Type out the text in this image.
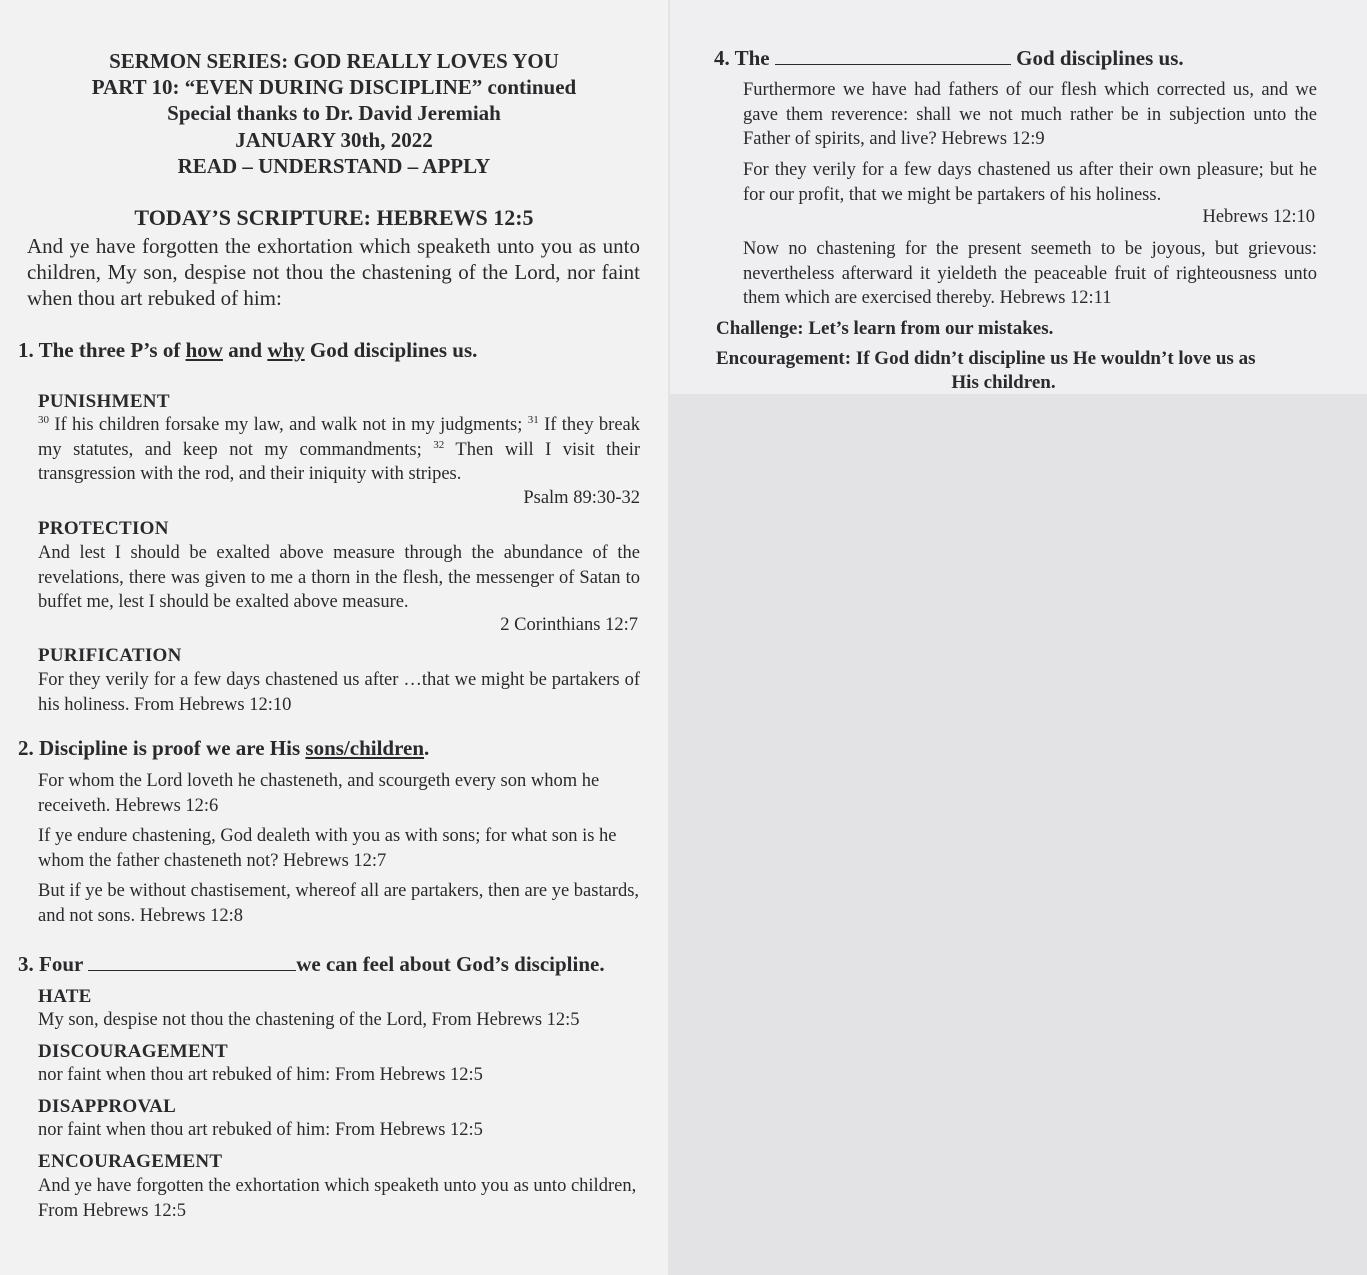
SERMON SERIES: GOD REALLY LOVES YOU
PART 10: “EVEN DURING DISCIPLINE” continued
Special thanks to Dr. David Jeremiah
JANUARY 30th, 2022
READ – UNDERSTAND – APPLY
TODAY’S SCRIPTURE: HEBREWS 12:5
And ye have forgotten the exhortation which speaketh unto you as unto children, My son, despise not thou the chastening of the Lord, nor faint when thou art rebuked of him:
1. The three P’s of how and why God disciplines us.
PUNISHMENT
$^{30}$ If his children forsake my law, and walk not in my judgments; $^{31}$ If they break my statutes, and keep not my commandments; $^{32}$ Then will I visit their transgression with the rod, and their iniquity with stripes.
Psalm 89:30-32
PROTECTION
And lest I should be exalted above measure through the abundance of the revelations, there was given to me a thorn in the flesh, the messenger of Satan to buffet me, lest I should be exalted above measure.
2 Corinthians 12:7
PURIFICATION
For they verily for a few days chastened us after …that we might be partakers of his holiness. From Hebrews 12:10
2. Discipline is proof we are His sons/children.
For whom the Lord loveth he chasteneth, and scourgeth every son whom he receiveth. Hebrews 12:6
If ye endure chastening, God dealeth with you as with sons; for what son is he whom the father chasteneth not? Hebrews 12:7
But if ye be without chastisement, whereof all are partakers, then are ye bastards, and not sons. Hebrews 12:8
3. Four	we can feel about God’s discipline.
HATE
My son, despise not thou the chastening of the Lord, From Hebrews 12:5
DISCOURAGEMENT
nor faint when thou art rebuked of him: From Hebrews 12:5
DISAPPROVAL
nor faint when thou art rebuked of him: From Hebrews 12:5
ENCOURAGEMENT
And ye have forgotten the exhortation which speaketh unto you as unto children, From Hebrews 12:5
4. The	God disciplines us.
Furthermore we have had fathers of our flesh which corrected us, and we gave them reverence: shall we not much rather be in subjection unto the Father of spirits, and live? Hebrews 12:9
For they verily for a few days chastened us after their own pleasure; but he for our profit, that we might be partakers of his holiness.
Hebrews 12:10
Now no chastening for the present seemeth to be joyous, but grievous: nevertheless afterward it yieldeth the peaceable fruit of righteousness unto them which are exercised thereby. Hebrews 12:11
Challenge: Let’s learn from our mistakes.
Encouragement: If God didn’t discipline us He wouldn’t love us as
His children.
